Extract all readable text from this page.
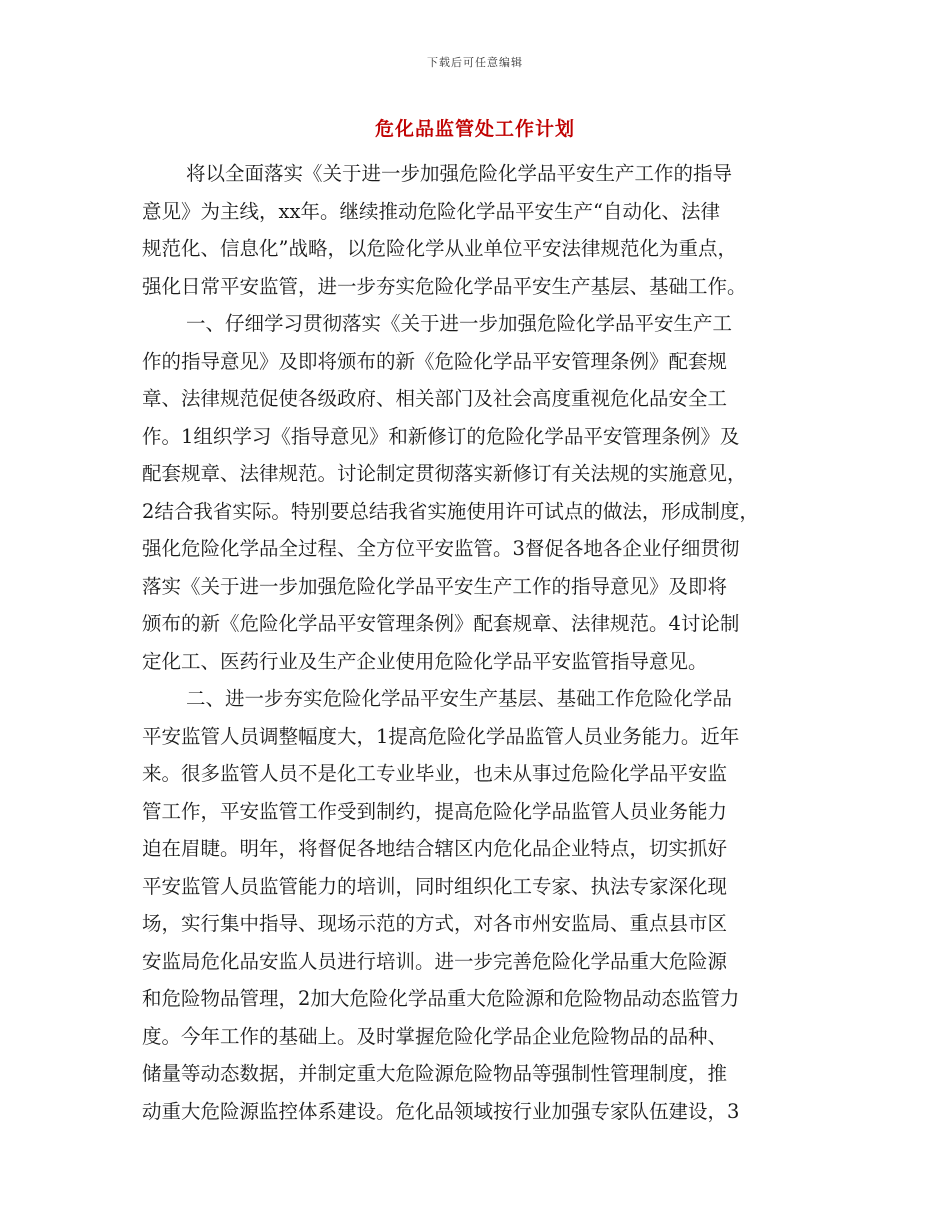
下载后可任意编辑
危化品监管处工作计划
将以全面落实《关于进一步加强危险化学品平安生产工作的指导
意见》为主线，xx年。继续推动危险化学品平安生产“自动化、法律
规范化、信息化”战略，以危险化学从业单位平安法律规范化为重点，
强化日常平安监管，进一步夯实危险化学品平安生产基层、基础工作。
一、仔细学习贯彻落实《关于进一步加强危险化学品平安生产工
作的指导意见》及即将颁布的新《危险化学品平安管理条例》配套规
章、法律规范促使各级政府、相关部门及社会高度重视危化品安全工
作。1组织学习《指导意见》和新修订的危险化学品平安管理条例》及
配套规章、法律规范。讨论制定贯彻落实新修订有关法规的实施意见，
2结合我省实际。特别要总结我省实施使用许可试点的做法，形成制度，
强化危险化学品全过程、全方位平安监管。3督促各地各企业仔细贯彻
落实《关于进一步加强危险化学品平安生产工作的指导意见》及即将
颁布的新《危险化学品平安管理条例》配套规章、法律规范。4讨论制
定化工、医药行业及生产企业使用危险化学品平安监管指导意见。
二、进一步夯实危险化学品平安生产基层、基础工作危险化学品
平安监管人员调整幅度大，1提高危险化学品监管人员业务能力。近年
来。很多监管人员不是化工专业毕业，也未从事过危险化学品平安监
管工作，平安监管工作受到制约，提高危险化学品监管人员业务能力
迫在眉睫。明年，将督促各地结合辖区内危化品企业特点，切实抓好
平安监管人员监管能力的培训，同时组织化工专家、执法专家深化现
场，实行集中指导、现场示范的方式，对各市州安监局、重点县市区
安监局危化品安监人员进行培训。进一步完善危险化学品重大危险源
和危险物品管理，2加大危险化学品重大危险源和危险物品动态监管力
度。今年工作的基础上。及时掌握危险化学品企业危险物品的品种、
储量等动态数据，并制定重大危险源危险物品等强制性管理制度，推
动重大危险源监控体系建设。危化品领域按行业加强专家队伍建设，3
